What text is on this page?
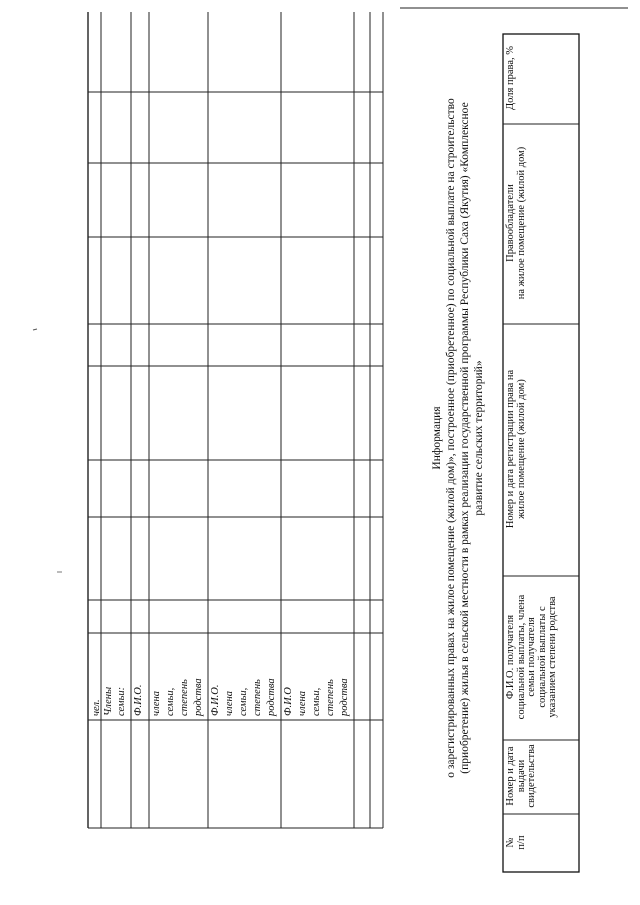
чел. Члены семьи: Ф.И.О. члена семьи, степень родства Ф.И.О. члена семьи, степень родства Ф.И.О члена семьи, степень родства
Информация о зарегистрированных правах на жилое помещение (жилой дом)», построенное (приобретенное) по социальной выплате на строительство (приобретение) жилья в сельской местности в рамках реализации государственной программы Республики Саха (Якутия) «Комплексное развитие сельских территорий»
№ п/п
Номер и дата выдачи свидетельства
Ф.И.О. получателя социальной выплаты, члена семьи получателя социальной выплаты с указанием степени родства
Номер и дата регистрации права на жилое помещение (жилой дом)
Правообладатели на жилое помещение (жилой дом)
Доля права, %
